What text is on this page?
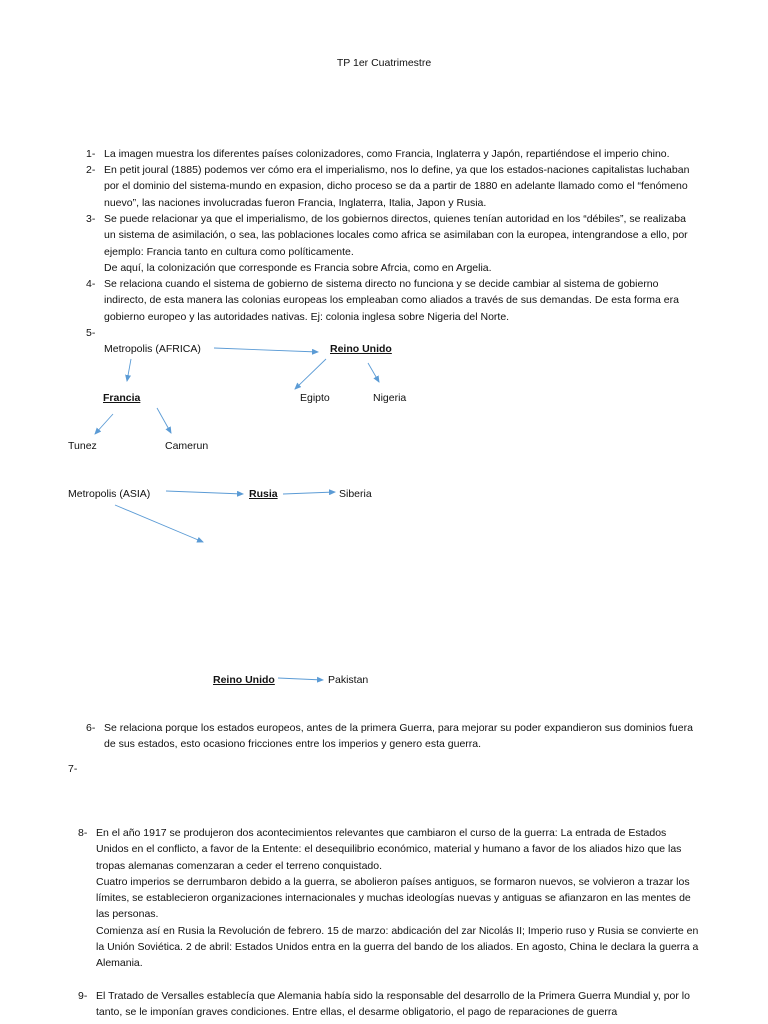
TP 1er Cuatrimestre
1- La imagen muestra los diferentes países colonizadores, como Francia, Inglaterra y Japón, repartiéndose el imperio chino.

2- En petit joural (1885) podemos ver cómo era el imperialismo, nos lo define, ya que los estados-naciones capitalistas luchaban

por el dominio del sistema-mundo en expasion, dicho proceso se da a partir de 1880 en adelante llamado como el “fenómeno

nuevo”, las naciones involucradas fueron Francia, Inglaterra, Italia, Japon y Rusia.

3- Se puede relacionar ya que el imperialismo, de los gobiernos directos, quienes tenían autoridad en los “débiles”, se realizaba

un sistema de asimilación, o sea, las poblaciones locales como africa se asimilaban con la europea, intengrandose a ello, por

ejemplo: Francia tanto en cultura como políticamente.

De aquí, la colonización que corresponde es Francia sobre Afrcia, como en Argelia.

4- Se relaciona cuando el sistema de gobierno de sistema directo no funciona y se decide cambiar al sistema de gobierno

indirecto, de esta manera las colonias europeas los empleaban como aliados a través de sus demandas. De esta forma era

gobierno europeo y las autoridades nativas. Ej: colonia inglesa sobre Nigeria del Norte.

5-
Metropolis (AFRICA)	Reino Unido
Francia	Egipto	Nigeria
Tunez	Camerun
Metropolis (ASIA)	Rusia	Siberia
Reino Unido	Pakistan
6- Se relaciona porque los estados europeos, antes de la primera Guerra, para mejorar su poder expandieron sus dominios fuera

de sus estados, esto ocasiono fricciones entre los imperios y genero esta guerra.

7-
8- En el año 1917 se produjeron dos acontecimientos relevantes que cambiaron el curso de la guerra: La entrada de Estados

Unidos en el conflicto, a favor de la Entente: el desequilibrio económico, material y humano a favor de los aliados hizo que las

tropas alemanas comenzaran a ceder el terreno conquistado.

Cuatro imperios se derrumbaron debido a la guerra, se abolieron países antiguos, se formaron nuevos, se volvieron a trazar los

límites, se establecieron organizaciones internacionales y muchas ideologías nuevas y antiguas se afianzaron en las mentes de

las personas.

Comienza así en Rusia la Revolución de febrero. 15 de marzo: abdicación del zar Nicolás II; Imperio ruso y Rusia se convierte en

la Unión Soviética. 2 de abril: Estados Unidos entra en la guerra del bando de los aliados. En agosto, China le declara la guerra a

Alemania.

9- El Tratado de Versalles establecía que Alemania había sido la responsable del desarrollo de la Primera Guerra Mundial y, por lo

tanto, se le imponían graves condiciones. Entre ellas, el desarme obligatorio, el pago de reparaciones de guerra
